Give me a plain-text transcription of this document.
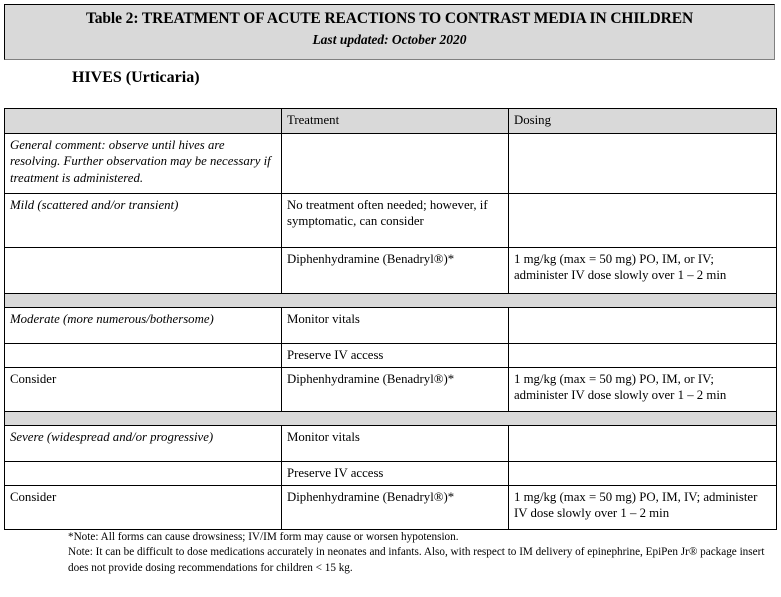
Table 2: TREATMENT OF ACUTE REACTIONS TO CONTRAST MEDIA IN CHILDREN
Last updated: October 2020
HIVES (Urticaria)
	Treatment	Dosing
General comment: observe until hives are resolving. Further observation may be necessary if treatment is administered.		
Mild (scattered and/or transient)	No treatment often needed; however, if symptomatic, can consider	
	Diphenhydramine (Benadryl®)*	1 mg/kg (max = 50 mg) PO, IM, or IV; administer IV dose slowly over 1 – 2 min

Moderate (more numerous/bothersome)	Monitor vitals	
	Preserve IV access	
Consider	Diphenhydramine (Benadryl®)*	1 mg/kg (max = 50 mg) PO, IM, or IV; administer IV dose slowly over 1 – 2 min

Severe (widespread and/or progressive)	Monitor vitals	
	Preserve IV access	
Consider	Diphenhydramine (Benadryl®)*	1 mg/kg (max = 50 mg) PO, IM, IV; administer IV dose slowly over 1 – 2 min

*Note: All forms can cause drowsiness; IV/IM form may cause or worsen hypotension.

Note: It can be difficult to dose medications accurately in neonates and infants. Also, with respect to IM delivery of epinephrine, EpiPen Jr® package insert does not provide dosing recommendations for children < 15 kg.
